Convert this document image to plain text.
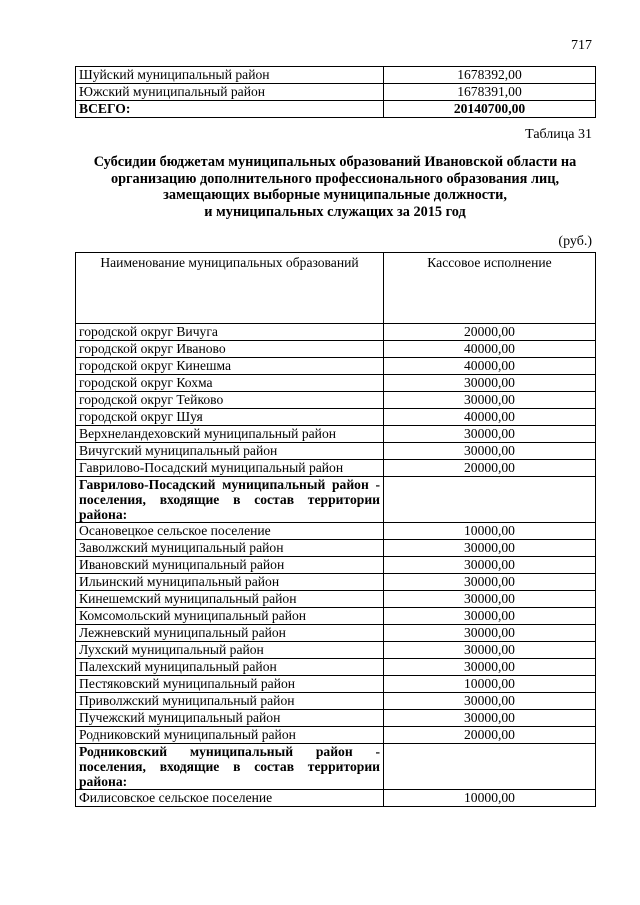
717
Шуйский муниципальный район	1678392,00
Южский муниципальный район	1678391,00
ВСЕГО:	20140700,00
Таблица 31
Субсидии бюджетам муниципальных образований Ивановской области на
организацию дополнительного профессионального образования лиц,
замещающих выборные муниципальные должности,
и муниципальных служащих за 2015 год
(руб.)
Наименование муниципальных образований	Кассовое исполнение
городской округ Вичуга	20000,00
городской округ Иваново	40000,00
городской округ Кинешма	40000,00
городской округ Кохма	30000,00
городской округ Тейково	30000,00
городской округ Шуя	40000,00
Верхнеландеховский муниципальный район	30000,00
Вичугский муниципальный район	30000,00
Гаврилово-Посадский муниципальный район	20000,00
Гаврилово-Посадский муниципальный район - поселения, входящие в состав территории района:	
Осановецкое сельское поселение	10000,00
Заволжский муниципальный район	30000,00
Ивановский муниципальный район	30000,00
Ильинский муниципальный район	30000,00
Кинешемский муниципальный район	30000,00
Комсомольский муниципальный район	30000,00
Лежневский муниципальный район	30000,00
Лухский муниципальный район	30000,00
Палехский муниципальный район	30000,00
Пестяковский муниципальный район	10000,00
Приволжский муниципальный район	30000,00
Пучежский муниципальный район	30000,00
Родниковский муниципальный район	20000,00
Родниковский муниципальный район - поселения, входящие в состав территории района:	
Филисовское сельское поселение	10000,00
